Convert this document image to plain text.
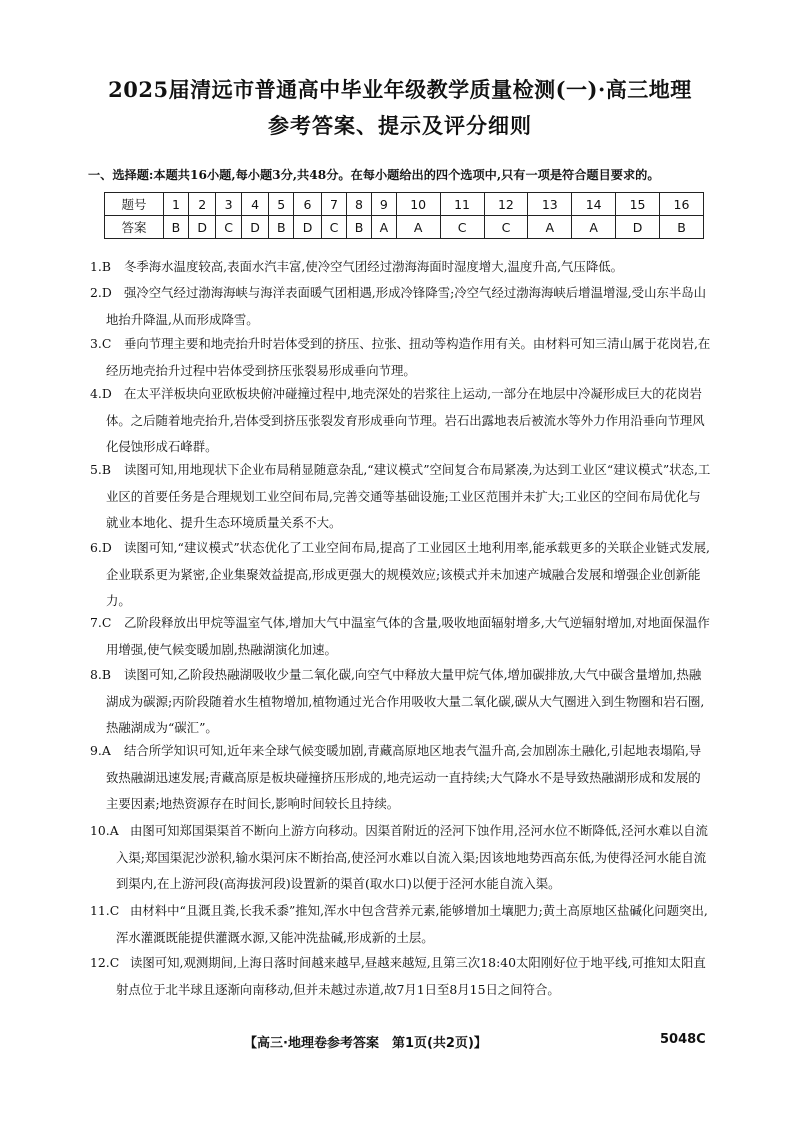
2025届清远市普通高中毕业年级教学质量检测(一)·高三地理
参考答案、提示及评分细则
一、选择题:本题共16小题,每小题3分,共48分。在每小题给出的四个选项中,只有一项是符合题目要求的。
题号	1	2	3	4	5	6	7	8	9	10	11	12	13	14	15	16
答案	B	D	C	D	B	D	C	B	A	A	C	C	A	A	D	B
1.B	冬季海水温度较高,表面水汽丰富,使冷空气团经过渤海海面时湿度增大,温度升高,气压降低。
2.D 强冷空气经过渤海海峡与海洋表面暖气团相遇,形成冷锋降雪;冷空气经过渤海海峡后增温增湿,受山东半岛山地抬升降温,从而形成降雪。
3.C	垂向节理主要和地壳抬升时岩体受到的挤压、拉张、扭动等构造作用有关。由材料可知三清山属于花岗岩,在经历地壳抬升过程中岩体受到挤压张裂易形成垂向节理。
4.D 在太平洋板块向亚欧板块俯冲碰撞过程中,地壳深处的岩浆往上运动,一部分在地层中冷凝形成巨大的花岗岩体。之后随着地壳抬升,岩体受到挤压张裂发育形成垂向节理。岩石出露地表后被流水等外力作用沿垂向节理风化侵蚀形成石峰群。
5.B	读图可知,用地现状下企业布局稍显随意杂乱,“建议模式”空间复合布局紧凑,为达到工业区“建议模式”状态,工业区的首要任务是合理规划工业空间布局,完善交通等基础设施;工业区范围并未扩大;工业区的空间布局优化与就业本地化、提升生态环境质量关系不大。
6.D 读图可知,“建议模式”状态优化了工业空间布局,提高了工业园区土地利用率,能承载更多的关联企业链式发展,企业联系更为紧密,企业集聚效益提高,形成更强大的规模效应;该模式并未加速产城融合发展和增强企业创新能力。
7.C	乙阶段释放出甲烷等温室气体,增加大气中温室气体的含量,吸收地面辐射增多,大气逆辐射增加,对地面保温作用增强,使气候变暖加剧,热融湖演化加速。
8.B	读图可知,乙阶段热融湖吸收少量二氧化碳,向空气中释放大量甲烷气体,增加碳排放,大气中碳含量增加,热融湖成为碳源;丙阶段随着水生植物增加,植物通过光合作用吸收大量二氧化碳,碳从大气圈进入到生物圈和岩石圈,热融湖成为“碳汇”。
9.A	结合所学知识可知,近年来全球气候变暖加剧,青藏高原地区地表气温升高,会加剧冻土融化,引起地表塌陷,导致热融湖迅速发展;青藏高原是板块碰撞挤压形成的,地壳运动一直持续;大气降水不是导致热融湖形成和发展的主要因素;地热资源存在时间长,影响时间较长且持续。
10.A 由图可知郑国渠渠首不断向上游方向移动。因渠首附近的泾河下蚀作用,泾河水位不断降低,泾河水难以自流入渠;郑国渠泥沙淤积,输水渠河床不断抬高,使泾河水难以自流入渠;因该地地势西高东低,为使得泾河水能自流到渠内,在上游河段(高海拔河段)设置新的渠首(取水口)以便于泾河水能自流入渠。
11.C 由材料中“且溉且粪,长我禾黍”推知,浑水中包含营养元素,能够增加土壤肥力;黄土高原地区盐碱化问题突出,浑水灌溉既能提供灌溉水源,又能冲洗盐碱,形成新的土层。
12.C 读图可知,观测期间,上海日落时间越来越早,昼越来越短,且第三次18:40太阳刚好位于地平线,可推知太阳直射点位于北半球且逐渐向南移动,但并未越过赤道,故7月1日至8月15日之间符合。
【高三·地理卷参考答案　第1页(共2页)】	5048C
